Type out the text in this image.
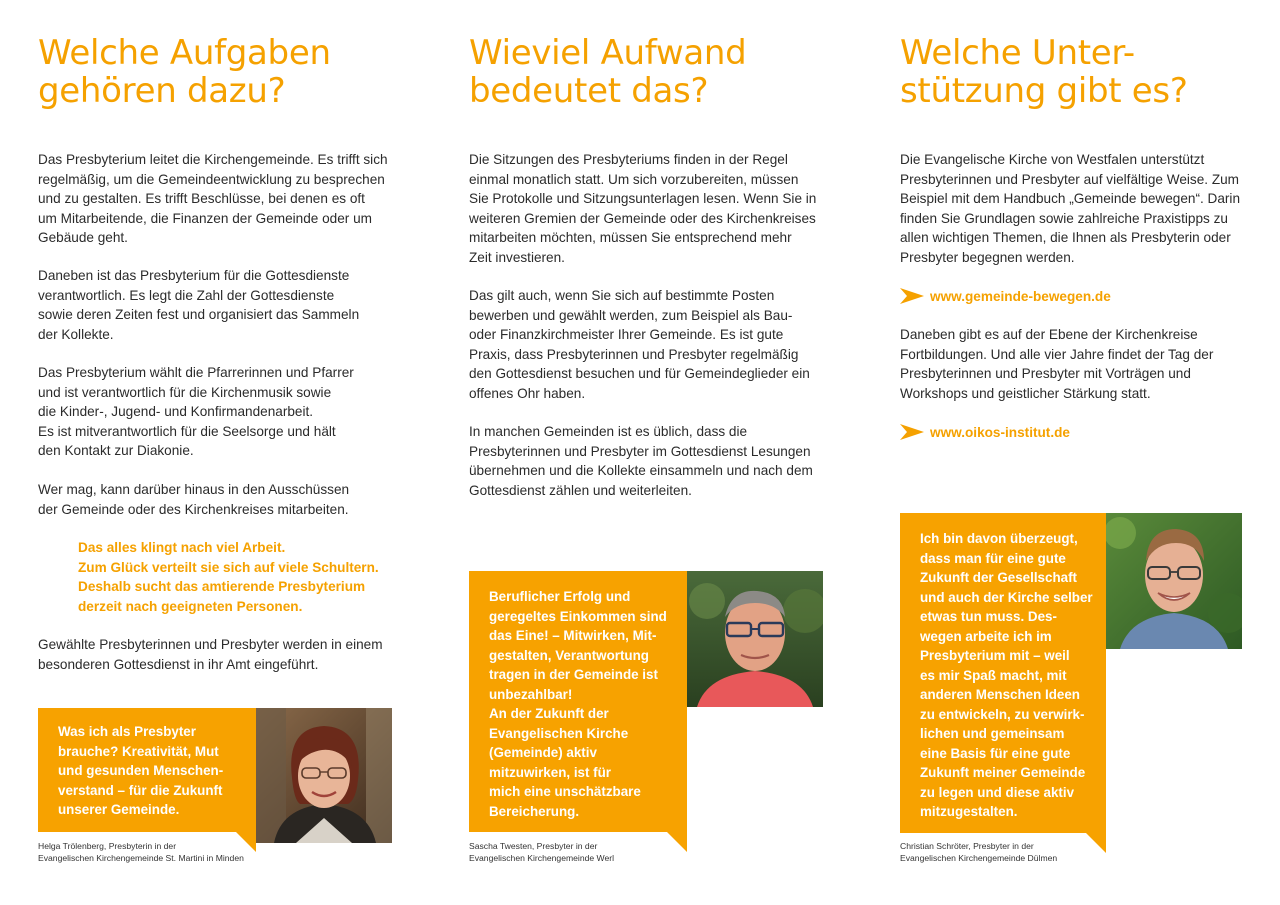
Welche Aufgaben
gehören dazu?

Das Presbyterium leitet die Kirchengemeinde. Es trifft sich
regelmäßig, um die Gemeindeentwicklung zu besprechen
und zu gestalten. Es trifft Beschlüsse, bei denen es oft
um Mitarbeitende, die Finanzen der Gemeinde oder um
Gebäude geht.

Daneben ist das Presbyterium für die Gottesdienste
verantwortlich. Es legt die Zahl der Gottesdienste
sowie deren Zeiten fest und organisiert das Sammeln
der Kollekte.

Das Presbyterium wählt die Pfarrerinnen und Pfarrer
und ist verantwortlich für die Kirchenmusik sowie
die Kinder-, Jugend- und Konfirmandenarbeit.
Es ist mitverantwortlich für die Seelsorge und hält
den Kontakt zur Diakonie.

Wer mag, kann darüber hinaus in den Ausschüssen
der Gemeinde oder des Kirchenkreises mitarbeiten.

Das alles klingt nach viel Arbeit.
Zum Glück verteilt sie sich auf viele Schultern.
Deshalb sucht das amtierende Presbyterium
derzeit nach geeigneten Personen.

Gewählte Presbyterinnen und Presbyter werden in einem
besonderen Gottesdienst in ihr Amt eingeführt.

Was ich als Presbyter
brauche? Kreativität, Mut
und gesunden Menschen-
verstand – für die Zukunft
unserer Gemeinde.

Helga Trölenberg, Presbyterin in der
Evangelischen Kirchengemeinde St. Martini in Minden

Wieviel Aufwand
bedeutet das?

Die Sitzungen des Presbyteriums finden in der Regel
einmal monatlich statt. Um sich vorzubereiten, müssen
Sie Protokolle und Sitzungsunterlagen lesen. Wenn Sie in
weiteren Gremien der Gemeinde oder des Kirchenkreises
mitarbeiten möchten, müssen Sie entsprechend mehr
Zeit investieren.

Das gilt auch, wenn Sie sich auf bestimmte Posten
bewerben und gewählt werden, zum Beispiel als Bau-
oder Finanzkirchmeister Ihrer Gemeinde. Es ist gute
Praxis, dass Presbyterinnen und Presbyter regelmäßig
den Gottesdienst besuchen und für Gemeindeglieder ein
offenes Ohr haben.

In manchen Gemeinden ist es üblich, dass die
Presbyterinnen und Presbyter im Gottesdienst Lesungen
übernehmen und die Kollekte einsammeln und nach dem
Gottesdienst zählen und weiterleiten.

Beruflicher Erfolg und
geregeltes Einkommen sind
das Eine! – Mitwirken, Mit-
gestalten, Verantwortung
tragen in der Gemeinde ist
unbezahlbar!
An der Zukunft der
Evangelischen Kirche
(Gemeinde) aktiv
mitzuwirken, ist für
mich eine unschätzbare
Bereicherung.

Sascha Twesten, Presbyter in der
Evangelischen Kirchengemeinde Werl

Welche Unter-
stützung gibt es?

Die Evangelische Kirche von Westfalen unterstützt
Presbyterinnen und Presbyter auf vielfältige Weise. Zum
Beispiel mit dem Handbuch „Gemeinde bewegen“. Darin
finden Sie Grundlagen sowie zahlreiche Praxistipps zu
allen wichtigen Themen, die Ihnen als Presbyterin oder
Presbyter begegnen werden.

www.gemeinde-bewegen.de

Daneben gibt es auf der Ebene der Kirchenkreise
Fortbildungen. Und alle vier Jahre findet der Tag der
Presbyterinnen und Presbyter mit Vorträgen und
Workshops und geistlicher Stärkung statt.

www.oikos-institut.de

Ich bin davon überzeugt,
dass man für eine gute
Zukunft der Gesellschaft
und auch der Kirche selber
etwas tun muss. Des-
wegen arbeite ich im
Presbyterium mit – weil
es mir Spaß macht, mit
anderen Menschen Ideen
zu entwickeln, zu verwirk-
lichen und gemeinsam
eine Basis für eine gute
Zukunft meiner Gemeinde
zu legen und diese aktiv
mitzugestalten.

Christian Schröter, Presbyter in der
Evangelischen Kirchengemeinde Dülmen
